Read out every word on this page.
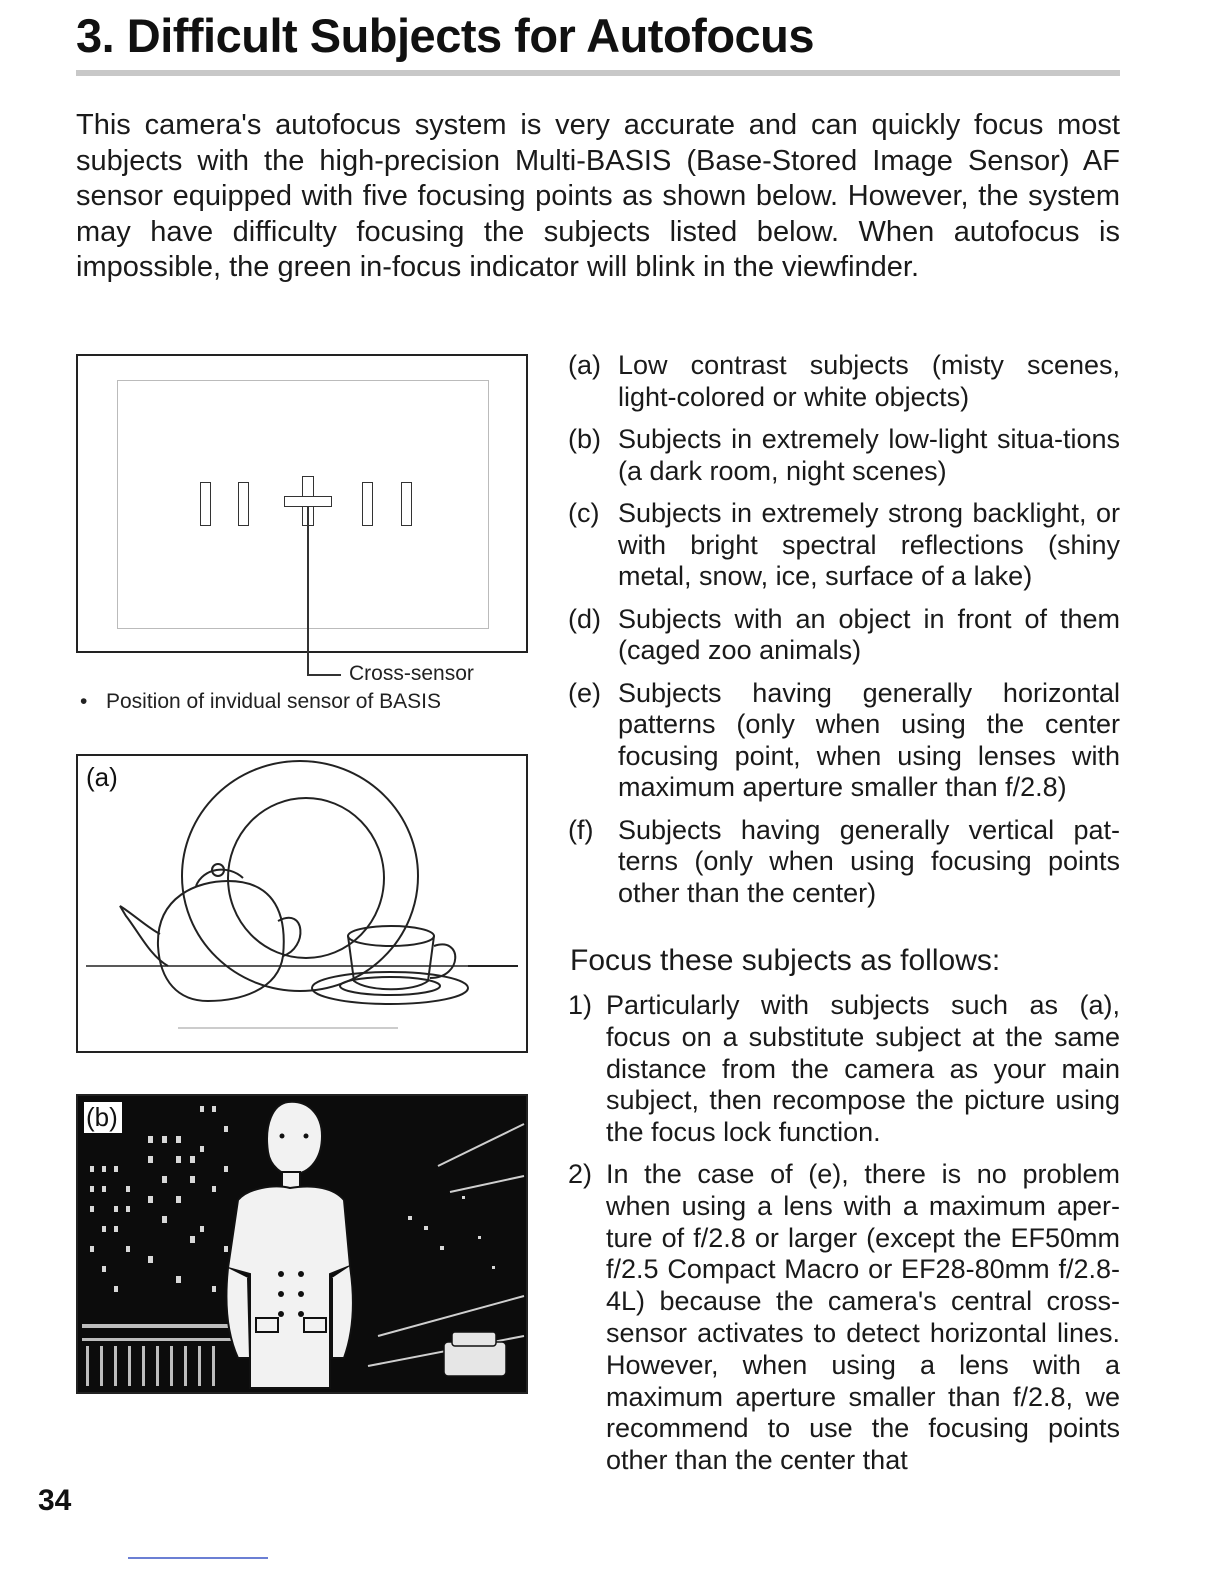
3. Difficult Subjects for Autofocus
This camera's autofocus system is very accurate and can quickly focus most subjects with the high-precision Multi-BASIS (Base-Stored Image Sensor) AF sensor equipped with five focusing points as shown below. However, the system may have difficulty focusing the subjects listed below. When autofocus is impossible, the green in-focus indicator will blink in the viewfinder.
Cross-sensor
• Position of invidual sensor of BASIS
(a)
(b)
(a) Low contrast subjects (misty scenes, light-colored or white objects)
(b) Subjects in extremely low-light situa-tions (a dark room, night scenes)
(c) Subjects in extremely strong backlight, or with bright spectral reflections (shiny metal, snow, ice, surface of a lake)
(d) Subjects with an object in front of them (caged zoo animals)
(e) Subjects having generally horizontal patterns (only when using the center focusing point, when using lenses with maximum aperture smaller than f/2.8)
(f) Subjects having generally vertical pat-terns (only when using focusing points other than the center)
Focus these subjects as follows:
1) Particularly with subjects such as (a), focus on a substitute subject at the same distance from the camera as your main subject, then recompose the picture using the focus lock function.
2) In the case of (e), there is no problem when using a lens with a maximum aper-ture of f/2.8 or larger (except the EF50mm f/2.5 Compact Macro or EF28-80mm f/2.8-4L) because the camera's central cross-sensor activates to detect horizontal lines. However, when using a lens with a maximum aperture smaller than f/2.8, we recommend to use the focusing points other than the center that
34
